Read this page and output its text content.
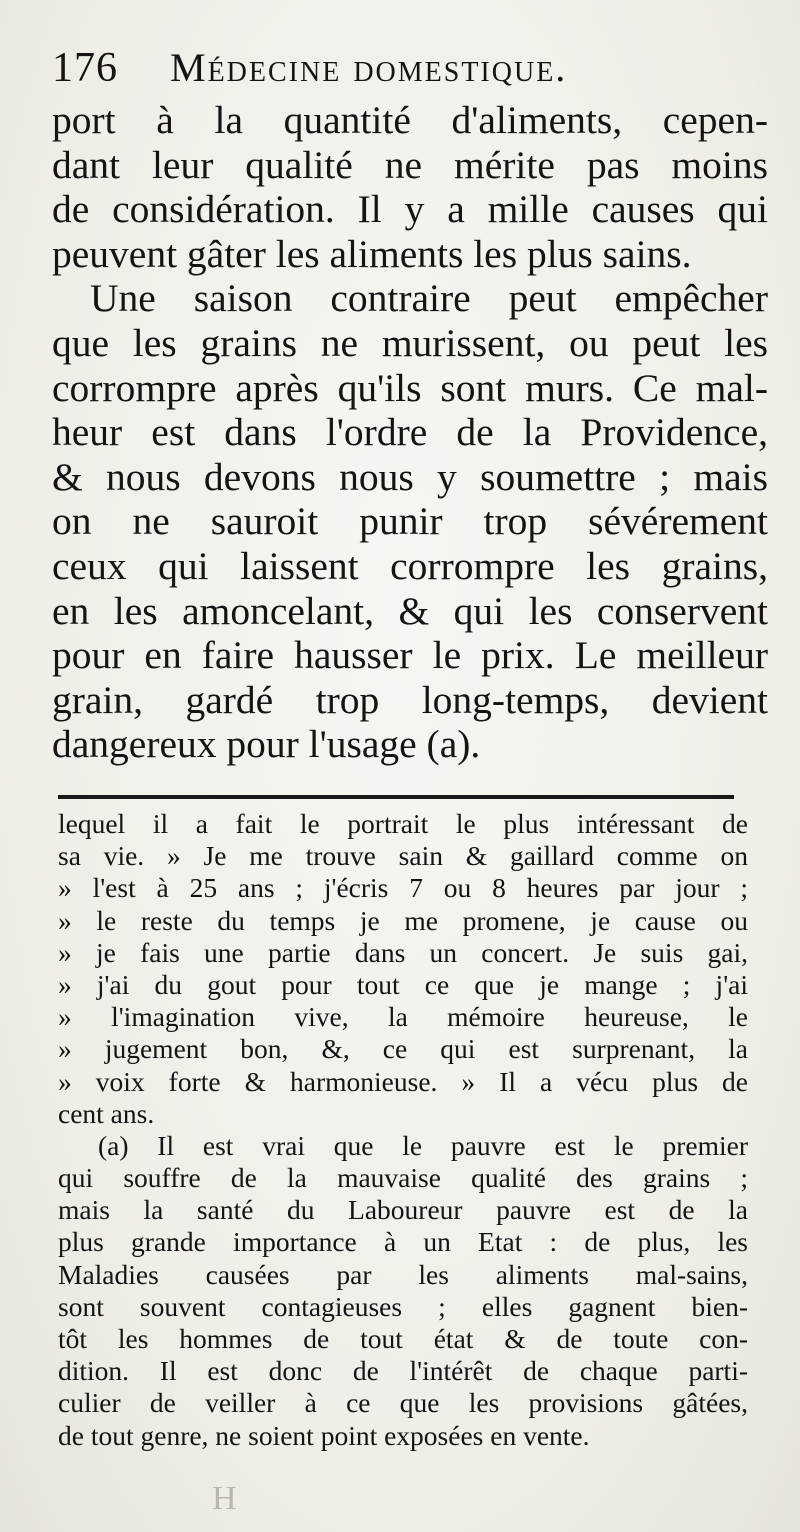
176 Médecine domestique.
port à la quantité d'aliments, cepen-
dant leur qualité ne mérite pas moins
de considération. Il y a mille causes qui
peuvent gâter les aliments les plus sains.
Une saison contraire peut empêcher
que les grains ne murissent, ou peut les
corrompre après qu'ils sont murs. Ce mal-
heur est dans l'ordre de la Providence,
& nous devons nous y soumettre ; mais
on ne sauroit punir trop sévérement
ceux qui laissent corrompre les grains,
en les amoncelant, & qui les conservent
pour en faire hausser le prix. Le meilleur
grain, gardé trop long-temps, devient
dangereux pour l'usage (a).
lequel il a fait le portrait le plus intéressant de
sa vie. » Je me trouve sain & gaillard comme on
» l'est à 25 ans ; j'écris 7 ou 8 heures par jour ;
» le reste du temps je me promene, je cause ou
» je fais une partie dans un concert. Je suis gai,
» j'ai du gout pour tout ce que je mange ; j'ai
» l'imagination vive, la mémoire heureuse, le
» jugement bon, &, ce qui est surprenant, la
» voix forte & harmonieuse. » Il a vécu plus de
cent ans.
(a) Il est vrai que le pauvre est le premier
qui souffre de la mauvaise qualité des grains ;
mais la santé du Laboureur pauvre est de la
plus grande importance à un Etat : de plus, les
Maladies causées par les aliments mal-sains,
sont souvent contagieuses ; elles gagnent bien-
tôt les hommes de tout état & de toute con-
dition. Il est donc de l'intérêt de chaque parti-
culier de veiller à ce que les provisions gâtées,
de tout genre, ne soient point exposées en vente.
H
